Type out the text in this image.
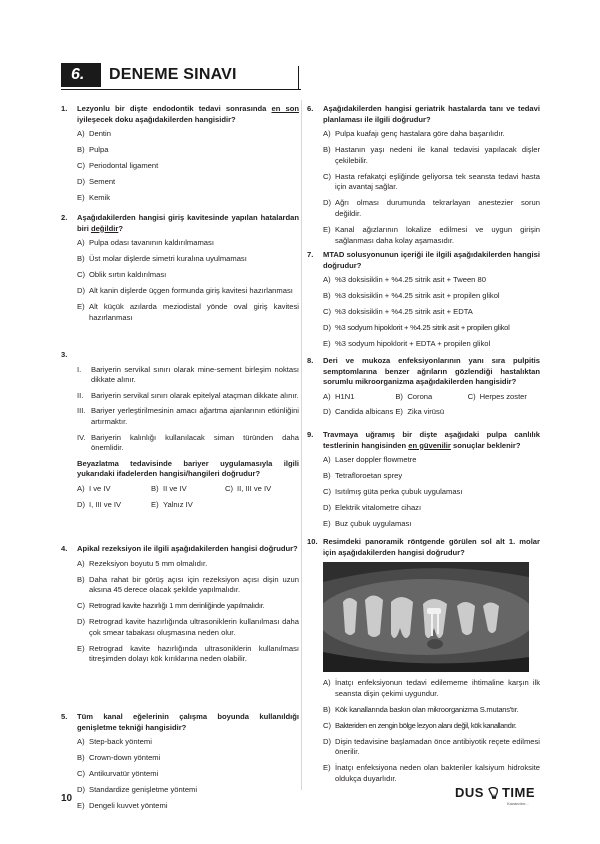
6.	DENEME SINAVI
1.	Lezyonlu bir dişte endodontik tedavi sonrasında en son iyileşecek doku aşağıdakilerden hangisidir?
A) Dentin
B) Pulpa
C) Periodontal ligament
D) Sement
E) Kemik
2.	Aşağıdakilerden hangisi giriş kavitesinde yapılan hatalardan biri değildir?
A) Pulpa odası tavanının kaldırılmaması
B) Üst molar dişlerde simetri kuralına uyulmaması
C) Oblik sırtın kaldırılması
D) Alt kanin dişlerde üçgen formunda giriş kavitesi hazırlanması
E) Alt küçük azılarda meziodistal yönde oval giriş kavitesi hazırlanması
3.
I.	Bariyerin servikal sınırı olarak mine-sement birleşim noktası dikkate alınır.
II.	Bariyerin servikal sınırı olarak epitelyal ataçman dikkate alınır.
III. Bariyer yerleştirilmesinin amacı ağartma ajanlarının etkinliğini artırmaktır.
IV. Bariyerin kalınlığı kullanılacak siman türünden daha önemlidir.
Beyazlatma tedavisinde bariyer uygulamasıyla ilgili yukarıdaki ifadelerden hangisi/hangileri doğrudur?
A) I ve IV	B) II ve IV	C) II, III ve IV
D) I, III ve IV	E) Yalnız IV
4.	Apikal rezeksiyon ile ilgili aşağıdakilerden hangisi doğrudur?
A) Rezeksiyon boyutu 5 mm olmalıdır.
B) Daha rahat bir görüş açısı için rezeksiyon açısı dişin uzun aksına 45 derece olacak şekilde yapılmalıdır.
C) Retrograd kavite hazırlığı 1 mm derinliğinde yapılmalıdır.
D) Retrograd kavite hazırlığında ultrasoniklerin kullanılması daha çok smear tabakası oluşmasına neden olur.
E) Retrograd kavite hazırlığında ultrasoniklerin kullanılması titreşimden dolayı kök kırıklarına neden olabilir.
5.	Tüm kanal eğelerinin çalışma boyunda kullanıldığı genişletme tekniği hangisidir?
A) Step-back yöntemi
B) Crown-down yöntemi
C) Antikurvatür yöntemi
D) Standardize genişletme yöntemi
E) Dengeli kuvvet yöntemi
6.	Aşağıdakilerden hangisi geriatrik hastalarda tanı ve tedavi planlaması ile ilgili doğrudur?
A) Pulpa kuafajı genç hastalara göre daha başarılıdır.
B) Hastanın yaşı nedeni ile kanal tedavisi yapılacak dişler çekilebilir.
C) Hasta refakatçi eşliğinde geliyorsa tek seansta tedavi hasta için avantaj sağlar.
D) Ağrı olması durumunda tekrarlayan anestezier sorun değildir.
E) Kanal ağızlarının lokalize edilmesi ve uygun girişin sağlanması daha kolay aşamasıdır.
7.	MTAD solusyonunun içeriği ile ilgili aşağıdakilerden hangisi doğrudur?
A) %3 doksisiklin + %4.25 sitrik asit + Tween 80
B) %3 doksisiklin + %4.25 sitrik asit + propilen glikol
C) %3 doksisiklin + %4.25 sitrik asit + EDTA
D) %3 sodyum hipoklorit + %4.25 sitrik asit + propilen glikol
E) %3 sodyum hipoklorit + EDTA + propilen glikol
8.	Deri ve mukoza enfeksiyonlarının yanı sıra pulpitis semptomlarına benzer ağrıların gözlendiği hastalıktan sorumlu mikroorganizma aşağıdakilerden hangisidir?
A) H1N1	B) Corona	C) Herpes zoster
D) Candida albicans E) Zika virüsü
9.	Travmaya uğramış bir dişte aşağıdaki pulpa canlılık testlerinin hangisinden en güvenilir sonuçlar beklenir?
A) Laser doppler flowmetre
B) Tetrafloroetan sprey
C) Isıtılmış güta perka çubuk uygulaması
D) Elektrik vitalometre cihazı
E) Buz çubuk uygulaması
10. Resimdeki panoramik röntgende görülen sol alt 1. molar için aşağıdakilerden hangisi doğrudur?
A) İnatçı enfeksiyonun tedavi edilememe ihtimaline karşın ilk seansta dişin çekimi uygundur.
B) Kök kanallarında baskın olan mikroorganizma S.mutans'tır.
C) Bakteriden en zengin bölge lezyon alanı değil, kök kanallarıdır.
D) Dişin tedavisine başlamadan önce antibiyotik reçete edilmesi önerilir.
E) İnatçı enfeksiyona neden olan bakteriler kalsiyum hidroksite oldukça duyarlıdır.
10	DUS TIME
Kazandırır...
